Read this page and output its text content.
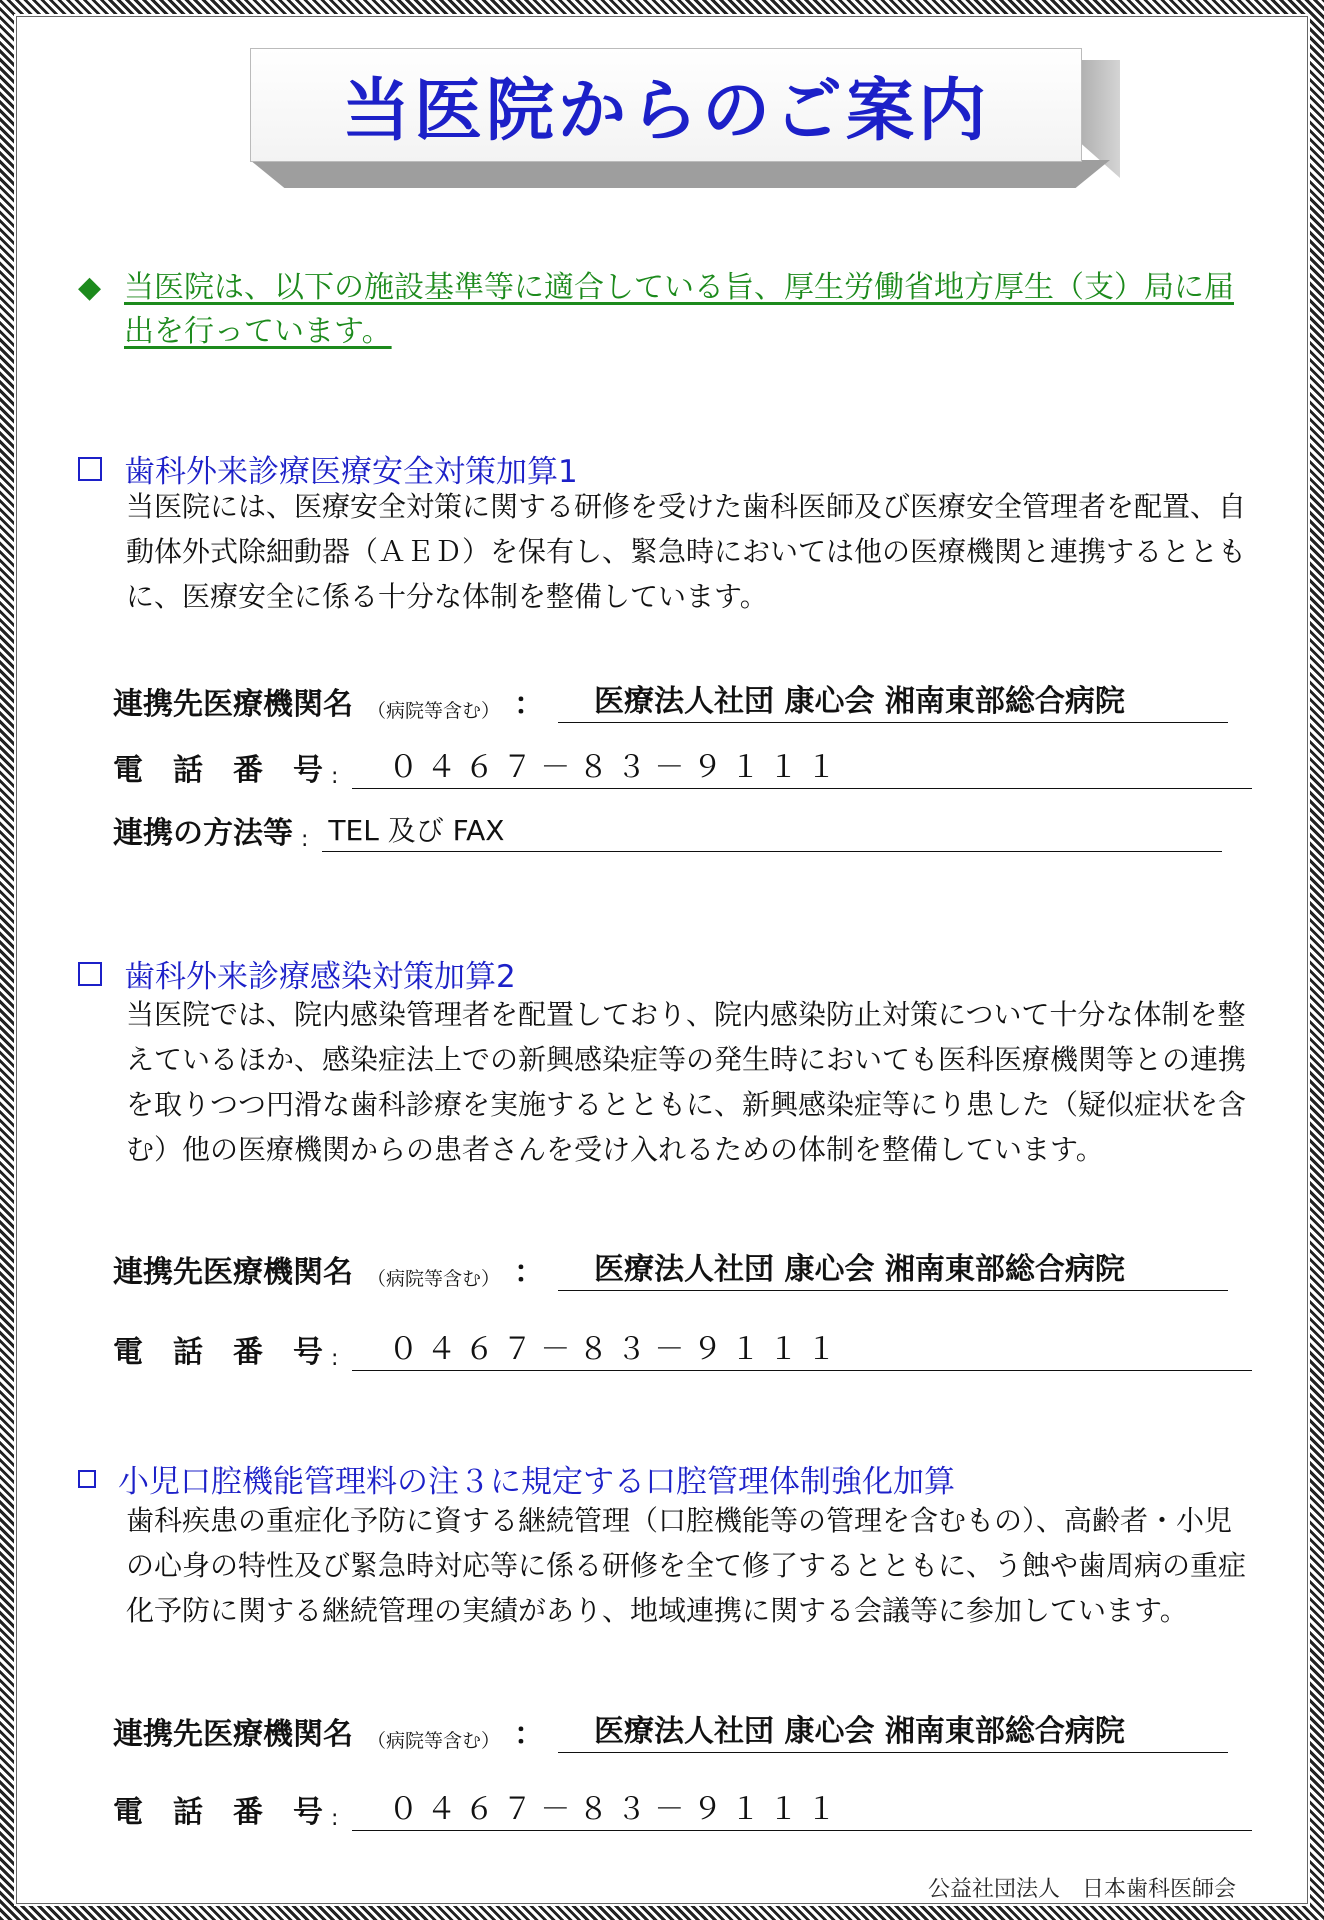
当医院からのご案内
◆ 当医院は、以下の施設基準等に適合している旨、厚生労働省地方厚生（支）局に届出を行っています。
歯科外来診療医療安全対策加算1
当医院には、医療安全対策に関する研修を受けた歯科医師及び医療安全管理者を配置、自動体外式除細動器（ＡＥＤ）を保有し、緊急時においては他の医療機関と連携するとともに、医療安全に係る十分な体制を整備しています。
連携先医療機関名 （病院等含む） ：	医療法人社団 康心会 湘南東部総合病院
電　話　番　号 :	０４６７－８３－９１１１
連携の方法等 : TEL 及び FAX
歯科外来診療感染対策加算2
当医院では、院内感染管理者を配置しており、院内感染防止対策について十分な体制を整えているほか、感染症法上での新興感染症等の発生時においても医科医療機関等との連携を取りつつ円滑な歯科診療を実施するとともに、新興感染症等にり患した（疑似症状を含む）他の医療機関からの患者さんを受け入れるための体制を整備しています。
連携先医療機関名 （病院等含む） ：	医療法人社団 康心会 湘南東部総合病院
電　話　番　号 :	０４６７－８３－９１１１
小児口腔機能管理料の注３に規定する口腔管理体制強化加算
歯科疾患の重症化予防に資する継続管理（口腔機能等の管理を含むもの）、高齢者・小児の心身の特性及び緊急時対応等に係る研修を全て修了するとともに、う蝕や歯周病の重症化予防に関する継続管理の実績があり、地域連携に関する会議等に参加しています。
連携先医療機関名 （病院等含む） ：	医療法人社団 康心会 湘南東部総合病院
電　話　番　号 :	０４６７－８３－９１１１
公益社団法人　日本歯科医師会
